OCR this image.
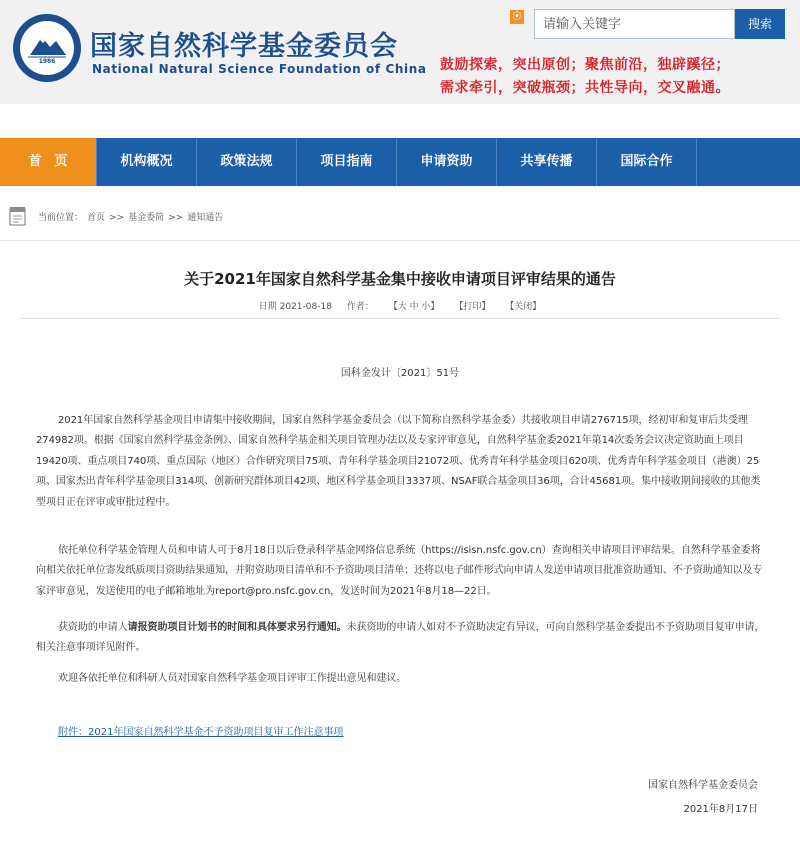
1986	国家自然科学基金委员会
National Natural Science Foundation of China
⦿
请输入关键字	搜索
鼓励探索，突出原创；聚焦前沿，独辟蹊径；
需求牵引，突破瓶颈；共性导向，交叉融通。
首　页	机构概况	政策法规	项目指南	申请资助	共享传播	国际合作
当前位置： 首页 >> 基金委简 >> 通知通告
关于2021年国家自然科学基金集中接收申请项目评审结果的通告
日期 2021-08-18 作者： 【大 中 小】 【打印】 【关闭】
国科金发计〔2021〕51号
2021年国家自然科学基金项目申请集中接收期间，国家自然科学基金委员会（以下简称自然科学基金委）共接收项目申请276715项，经初审和复审后共受理274982项。根据《国家自然科学基金条例》、国家自然科学基金相关项目管理办法以及专家评审意见，自然科学基金委2021年第14次委务会议决定资助面上项目19420项、重点项目740项、重点国际（地区）合作研究项目75项、青年科学基金项目21072项、优秀青年科学基金项目620项、优秀青年科学基金项目（港澳）25项、国家杰出青年科学基金项目314项、创新研究群体项目42项、地区科学基金项目3337项、NSAF联合基金项目36项，合计45681项。集中接收期间接收的其他类型项目正在评审或审批过程中。
依托单位科学基金管理人员和申请人可于8月18日以后登录科学基金网络信息系统（https://isisn.nsfc.gov.cn）查询相关申请项目评审结果。自然科学基金委将向相关依托单位寄发纸质项目资助结果通知，并附资助项目清单和不予资助项目清单；还将以电子邮件形式向申请人发送申请项目批准资助通知、不予资助通知以及专家评审意见，发送使用的电子邮箱地址为report@pro.nsfc.gov.cn，发送时间为2021年8月18—22日。
获资助的申请人请报资助项目计划书的时间和具体要求另行通知。未获资助的申请人如对不予资助决定有异议，可向自然科学基金委提出不予资助项目复审申请，相关注意事项详见附件。
欢迎各依托单位和科研人员对国家自然科学基金项目评审工作提出意见和建议。
附件：2021年国家自然科学基金不予资助项目复审工作注意事项
国家自然科学基金委员会
2021年8月17日
